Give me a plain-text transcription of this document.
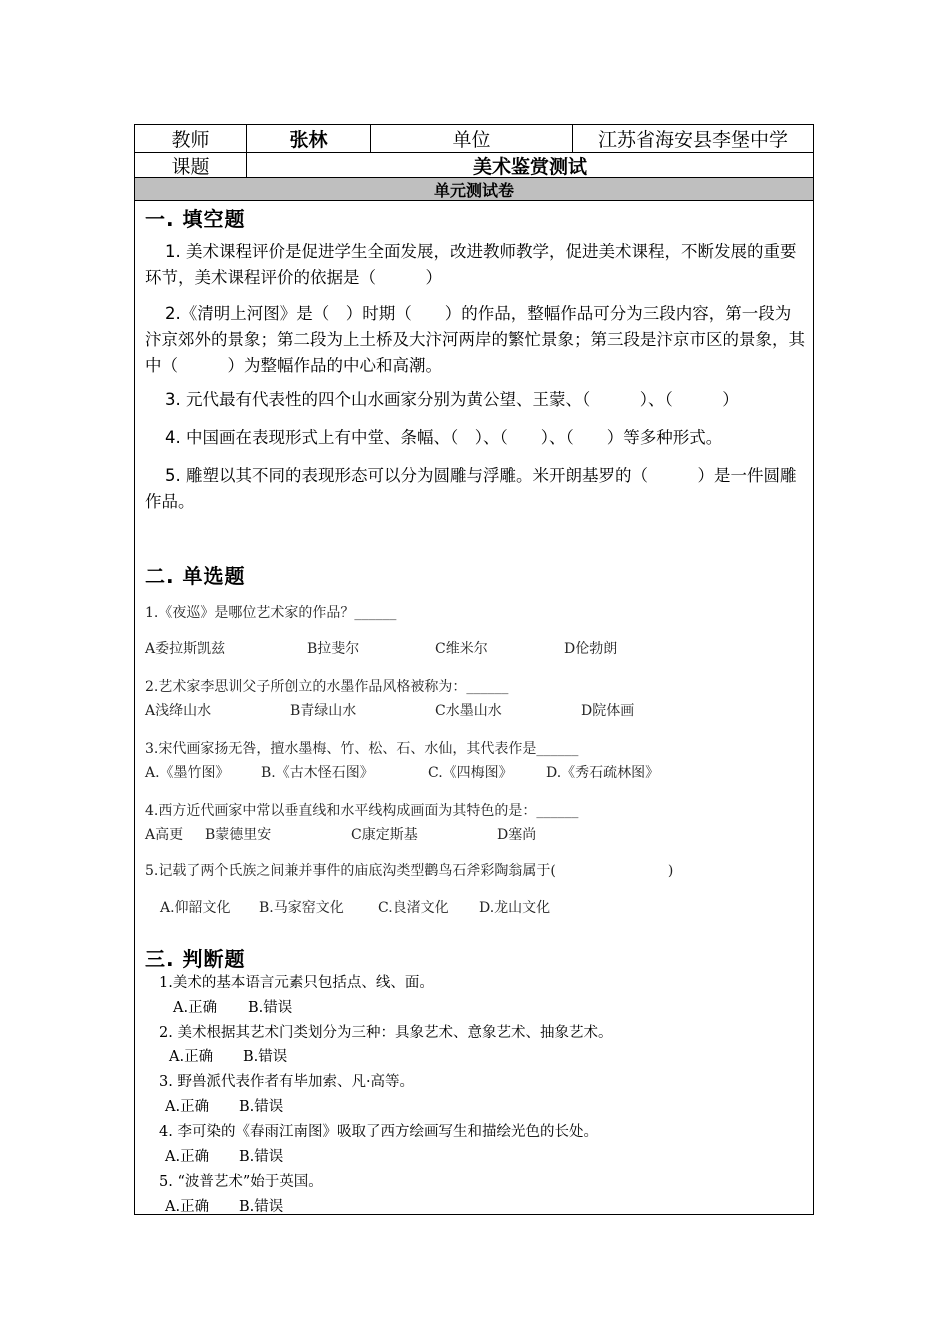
教师	张林	单位	江苏省海安县李堡中学
课题	美术鉴赏测试
单元测试卷
一. 填空题
1. 美术课程评价是促进学生全面发展，改进教师教学，促进美术课程，不断发展的重要环节，美术课程评价的依据是（　　　）
2.《清明上河图》是（　）时期（　　）的作品，整幅作品可分为三段内容，第一段为汴京郊外的景象；第二段为上土桥及大汴河两岸的繁忙景象；第三段是汴京市区的景象，其中（　　　）为整幅作品的中心和高潮。
3. 元代最有代表性的四个山水画家分别为黄公望、王蒙、（　　　）、（　　　）
4. 中国画在表现形式上有中堂、条幅、（　）、（　　）、（　　）等多种形式。
5. 雕塑以其不同的表现形态可以分为圆雕与浮雕。米开朗基罗的（　　　）是一件圆雕作品。
二. 单选题
1.《夜巡》是哪位艺术家的作品？______
A委拉斯凯兹	B拉斐尔	C维米尔	D伦勃朗
2.艺术家李思训父子所创立的水墨作品风格被称为：______
A浅绛山水	B青绿山水	C水墨山水	D院体画
3.宋代画家扬无咎，擅水墨梅、竹、松、石、水仙，其代表作是______
A.《墨竹图》 B.《古木怪石图》	C.《四梅图》 D.《秀石疏林图》
4.西方近代画家中常以垂直线和水平线构成画面为其特色的是：______
A高更 B蒙德里安	C康定斯基	D塞尚
5.记载了两个氏族之间兼并事件的庙底沟类型鹳鸟石斧彩陶翁属于(　　　　　　　　)
A.仰韶文化 B.马家窑文化 C.良渚文化 D.龙山文化
三. 判断题
1.美术的基本语言元素只包括点、线、面。
A.正确 B.错误
2. 美术根据其艺术门类划分为三种：具象艺术、意象艺术、抽象艺术。
A.正确 B.错误
3. 野兽派代表作者有毕加索、凡·高等。
A.正确 B.错误
4. 李可染的《春雨江南图》吸取了西方绘画写生和描绘光色的长处。
A.正确 B.错误
5. “波普艺术”始于英国。
A.正确 B.错误
